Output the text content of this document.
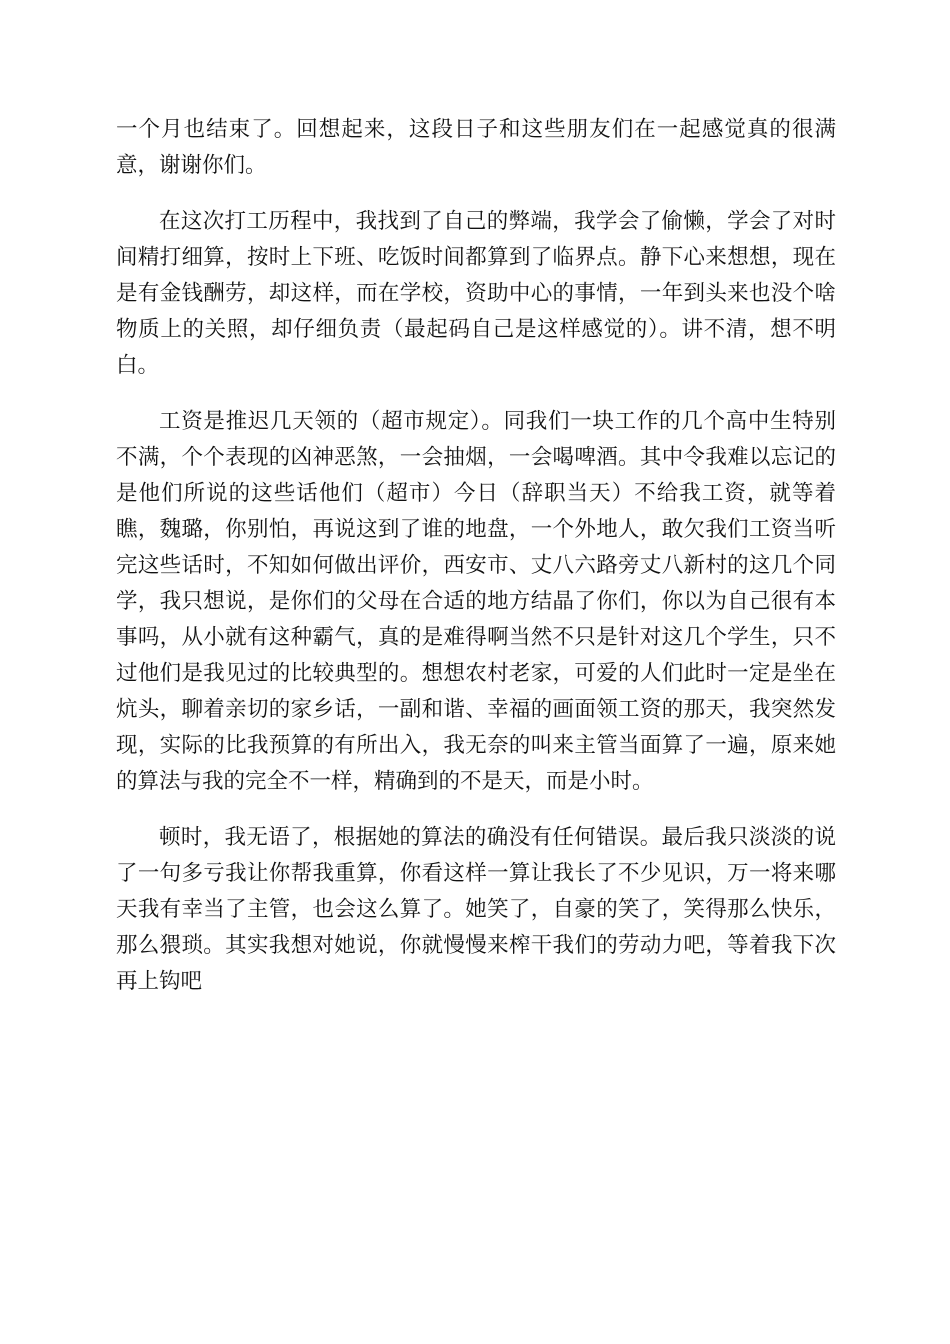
一个月也结束了。回想起来，这段日子和这些朋友们在一起感觉真的很满意，谢谢你们。

在这次打工历程中，我找到了自己的弊端，我学会了偷懒，学会了对时间精打细算，按时上下班、吃饭时间都算到了临界点。静下心来想想，现在是有金钱酬劳，却这样，而在学校，资助中心的事情，一年到头来也没个啥物质上的关照，却仔细负责（最起码自己是这样感觉的）。讲不清，想不明白。

工资是推迟几天领的（超市规定）。同我们一块工作的几个高中生特别不满，个个表现的凶神恶煞，一会抽烟，一会喝啤酒。其中令我难以忘记的是他们所说的这些话他们（超市）今日（辞职当天）不给我工资，就等着瞧，魏璐，你别怕，再说这到了谁的地盘，一个外地人，敢欠我们工资当听完这些话时，不知如何做出评价，西安市、丈八六路旁丈八新村的这几个同学，我只想说，是你们的父母在合适的地方结晶了你们，你以为自己很有本事吗，从小就有这种霸气，真的是难得啊当然不只是针对这几个学生，只不过他们是我见过的比较典型的。想想农村老家，可爱的人们此时一定是坐在炕头，聊着亲切的家乡话，一副和谐、幸福的画面领工资的那天，我突然发现，实际的比我预算的有所出入，我无奈的叫来主管当面算了一遍，原来她的算法与我的完全不一样，精确到的不是天，而是小时。

顿时，我无语了，根据她的算法的确没有任何错误。最后我只淡淡的说了一句多亏我让你帮我重算，你看这样一算让我长了不少见识，万一将来哪天我有幸当了主管，也会这么算了。她笑了，自豪的笑了，笑得那么快乐，那么猥琐。其实我想对她说，你就慢慢来榨干我们的劳动力吧，等着我下次再上钩吧
